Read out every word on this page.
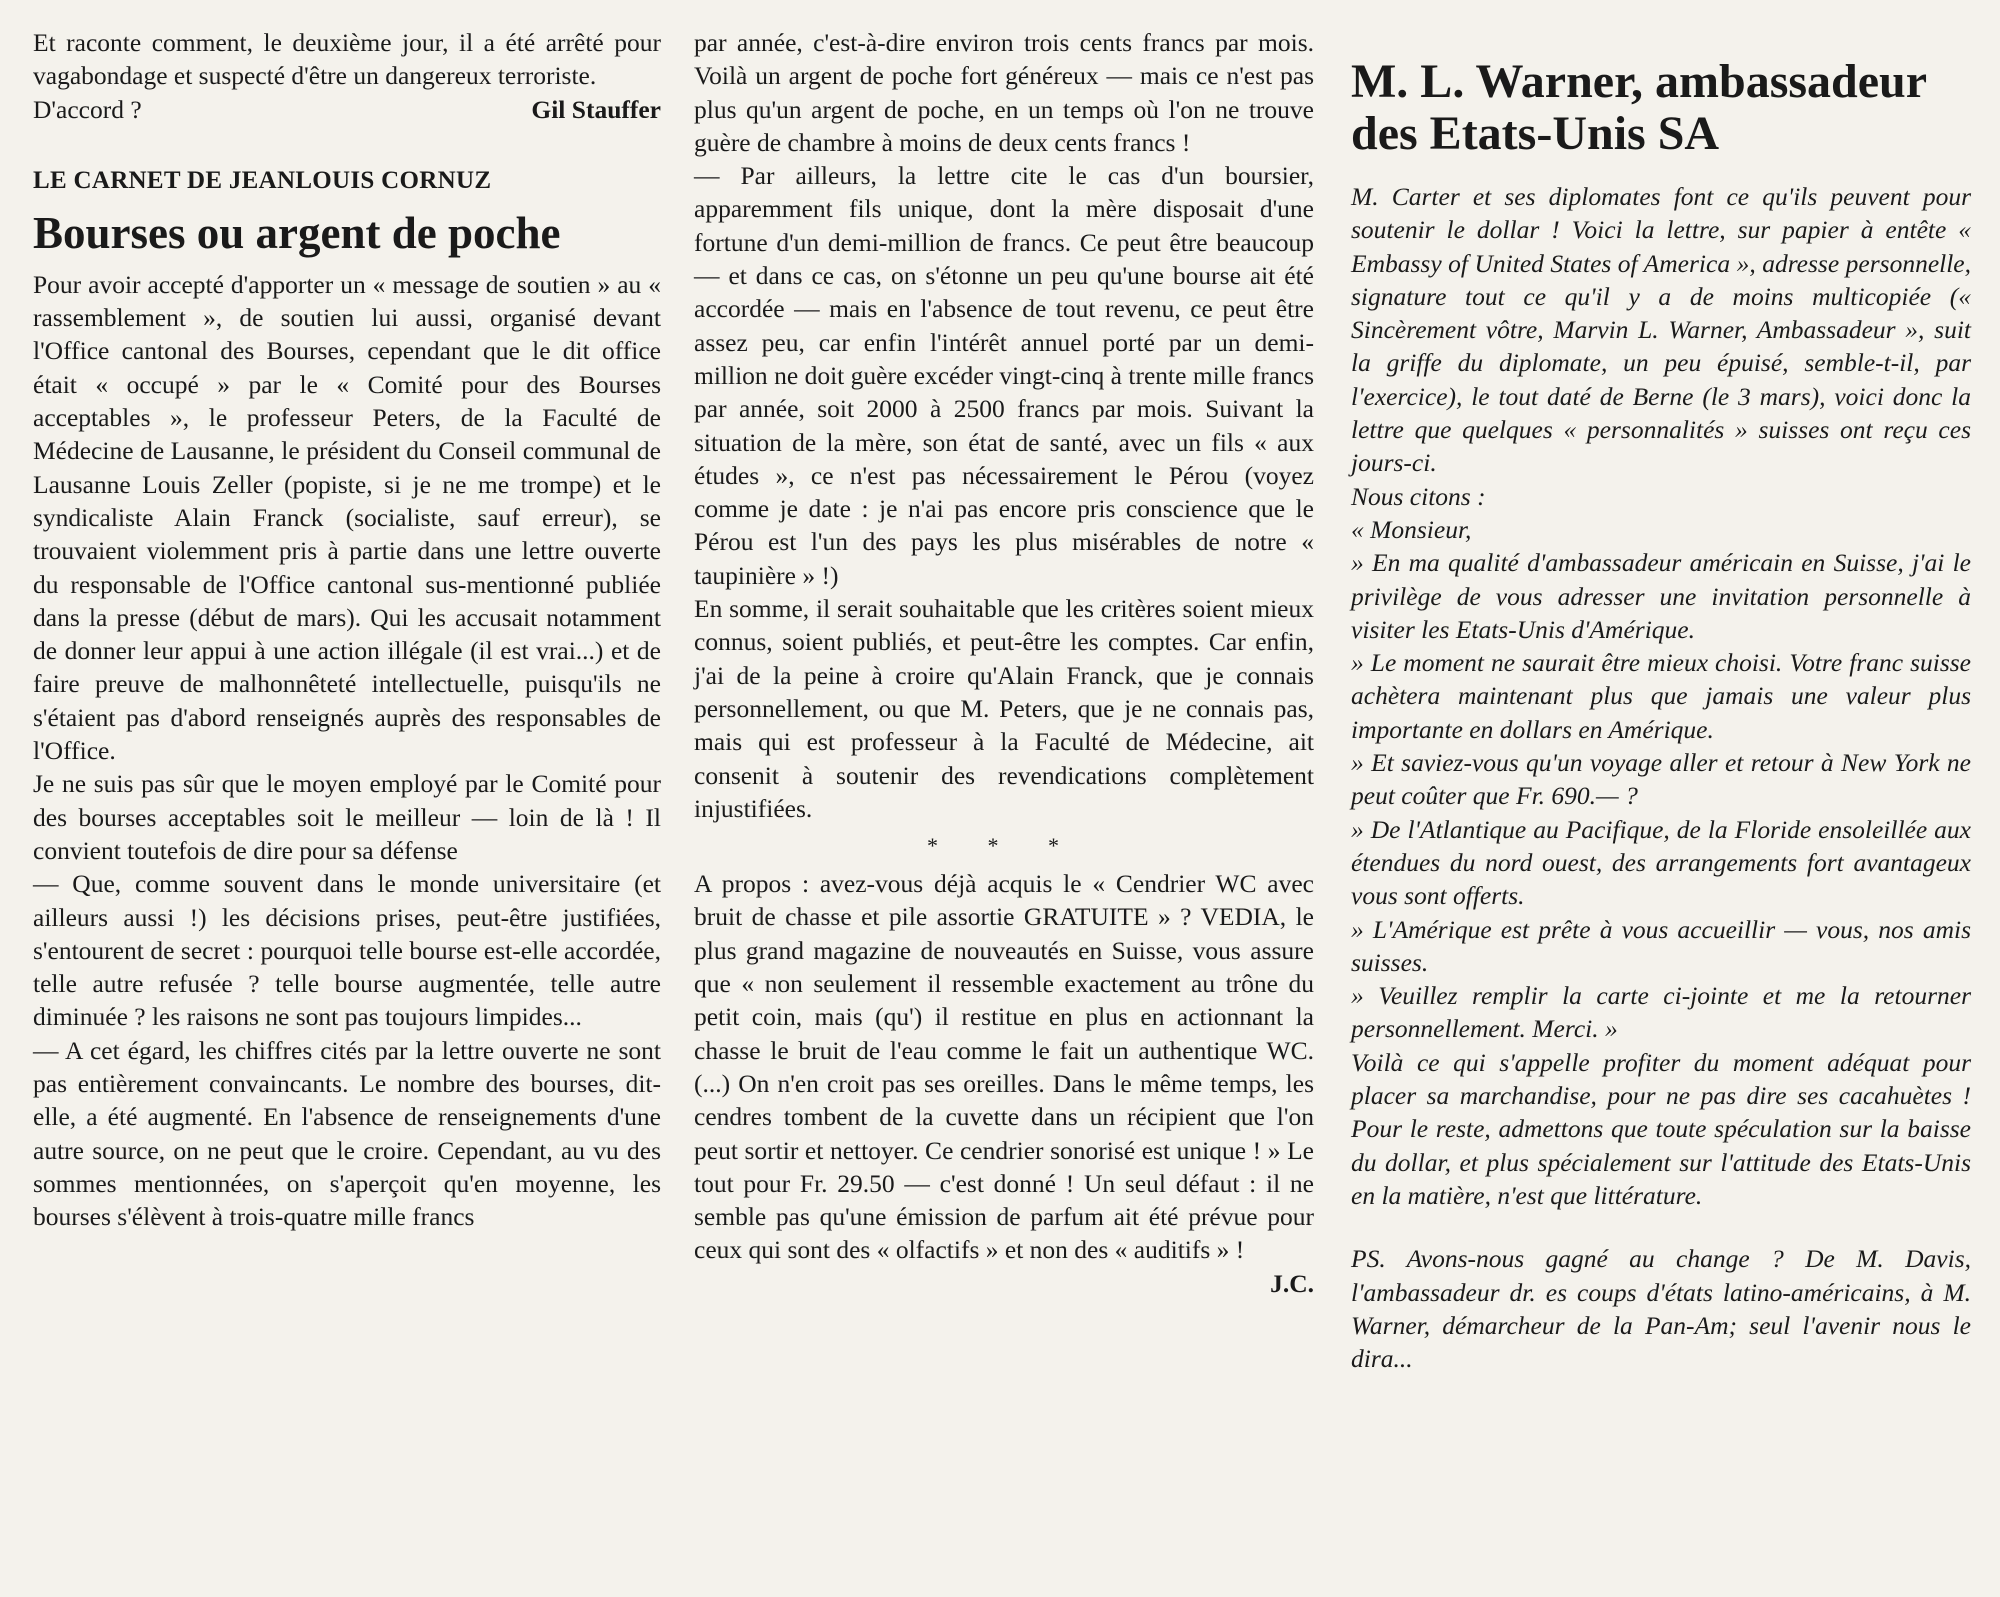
Et raconte comment, le deuxième jour, il a été arrêté pour vagabondage et suspecté d'être un dangereux terroriste.

D'accord ?	Gil Stauffer
LE CARNET DE JEANLOUIS CORNUZ
Bourses ou argent de poche

Pour avoir accepté d'apporter un « message de soutien » au « rassemblement », de soutien lui aussi, organisé devant l'Office cantonal des Bourses, cependant que le dit office était « occupé » par le « Comité pour des Bourses acceptables », le professeur Peters, de la Faculté de Médecine de Lausanne, le président du Conseil communal de Lausanne Louis Zeller (popiste, si je ne me trompe) et le syndicaliste Alain Franck (socialiste, sauf erreur), se trouvaient violemment pris à partie dans une lettre ouverte du responsable de l'Office cantonal sus-mentionné publiée dans la presse (début de mars). Qui les accusait notamment de donner leur appui à une action illégale (il est vrai...) et de faire preuve de malhonnêteté intellectuelle, puisqu'ils ne s'étaient pas d'abord renseignés auprès des responsables de l'Office.

Je ne suis pas sûr que le moyen employé par le Comité pour des bourses acceptables soit le meilleur — loin de là ! Il convient toutefois de dire pour sa défense

— Que, comme souvent dans le monde universitaire (et ailleurs aussi !) les décisions prises, peut-être justifiées, s'entourent de secret : pourquoi telle bourse est-elle accordée, telle autre refusée ? telle bourse augmentée, telle autre diminuée ? les raisons ne sont pas toujours limpides...

— A cet égard, les chiffres cités par la lettre ouverte ne sont pas entièrement convaincants. Le nombre des bourses, dit-elle, a été augmenté. En l'absence de renseignements d'une autre source, on ne peut que le croire. Cependant, au vu des sommes mentionnées, on s'aperçoit qu'en moyenne, les bourses s'élèvent à trois-quatre mille francs

par année, c'est-à-dire environ trois cents francs par mois. Voilà un argent de poche fort généreux — mais ce n'est pas plus qu'un argent de poche, en un temps où l'on ne trouve guère de chambre à moins de deux cents francs !

— Par ailleurs, la lettre cite le cas d'un boursier, apparemment fils unique, dont la mère disposait d'une fortune d'un demi-million de francs. Ce peut être beaucoup — et dans ce cas, on s'étonne un peu qu'une bourse ait été accordée — mais en l'absence de tout revenu, ce peut être assez peu, car enfin l'intérêt annuel porté par un demi-million ne doit guère excéder vingt-cinq à trente mille francs par année, soit 2000 à 2500 francs par mois. Suivant la situation de la mère, son état de santé, avec un fils « aux études », ce n'est pas nécessairement le Pérou (voyez comme je date : je n'ai pas encore pris conscience que le Pérou est l'un des pays les plus misérables de notre « taupinière » !)

En somme, il serait souhaitable que les critères soient mieux connus, soient publiés, et peut-être les comptes. Car enfin, j'ai de la peine à croire qu'Alain Franck, que je connais personnellement, ou que M. Peters, que je ne connais pas, mais qui est professeur à la Faculté de Médecine, ait consenit à soutenir des revendications complètement injustifiées.

* * *

A propos : avez-vous déjà acquis le « Cendrier WC avec bruit de chasse et pile assortie GRATUITE » ? VEDIA, le plus grand magazine de nouveautés en Suisse, vous assure que « non seulement il ressemble exactement au trône du petit coin, mais (qu') il restitue en plus en actionnant la chasse le bruit de l'eau comme le fait un authentique WC. (...) On n'en croit pas ses oreilles. Dans le même temps, les cendres tombent de la cuvette dans un récipient que l'on peut sortir et nettoyer. Ce cendrier sonorisé est unique ! » Le tout pour Fr. 29.50 — c'est donné ! Un seul défaut : il ne semble pas qu'une émission de parfum ait été prévue pour ceux qui sont des « olfactifs » et non des « auditifs » !

J.C.
M. L. Warner, ambassadeur des Etats-Unis SA

M. Carter et ses diplomates font ce qu'ils peuvent pour soutenir le dollar ! Voici la lettre, sur papier à entête « Embassy of United States of America », adresse personnelle, signature tout ce qu'il y a de moins multicopiée (« Sincèrement vôtre, Marvin L. Warner, Ambassadeur », suit la griffe du diplomate, un peu épuisé, semble-t-il, par l'exercice), le tout daté de Berne (le 3 mars), voici donc la lettre que quelques « personnalités » suisses ont reçu ces jours-ci.

Nous citons :

« Monsieur,

» En ma qualité d'ambassadeur américain en Suisse, j'ai le privilège de vous adresser une invitation personnelle à visiter les Etats-Unis d'Amérique.

» Le moment ne saurait être mieux choisi. Votre franc suisse achètera maintenant plus que jamais une valeur plus importante en dollars en Amérique.

» Et saviez-vous qu'un voyage aller et retour à New York ne peut coûter que Fr. 690.— ?

» De l'Atlantique au Pacifique, de la Floride ensoleillée aux étendues du nord ouest, des arrangements fort avantageux vous sont offerts.

» L'Amérique est prête à vous accueillir — vous, nos amis suisses.

» Veuillez remplir la carte ci-jointe et me la retourner personnellement. Merci. »

Voilà ce qui s'appelle profiter du moment adéquat pour placer sa marchandise, pour ne pas dire ses cacahuètes ! Pour le reste, admettons que toute spéculation sur la baisse du dollar, et plus spécialement sur l'attitude des Etats-Unis en la matière, n'est que littérature.

PS. Avons-nous gagné au change ? De M. Davis, l'ambassadeur dr. es coups d'états latino-américains, à M. Warner, démarcheur de la Pan-Am; seul l'avenir nous le dira...
